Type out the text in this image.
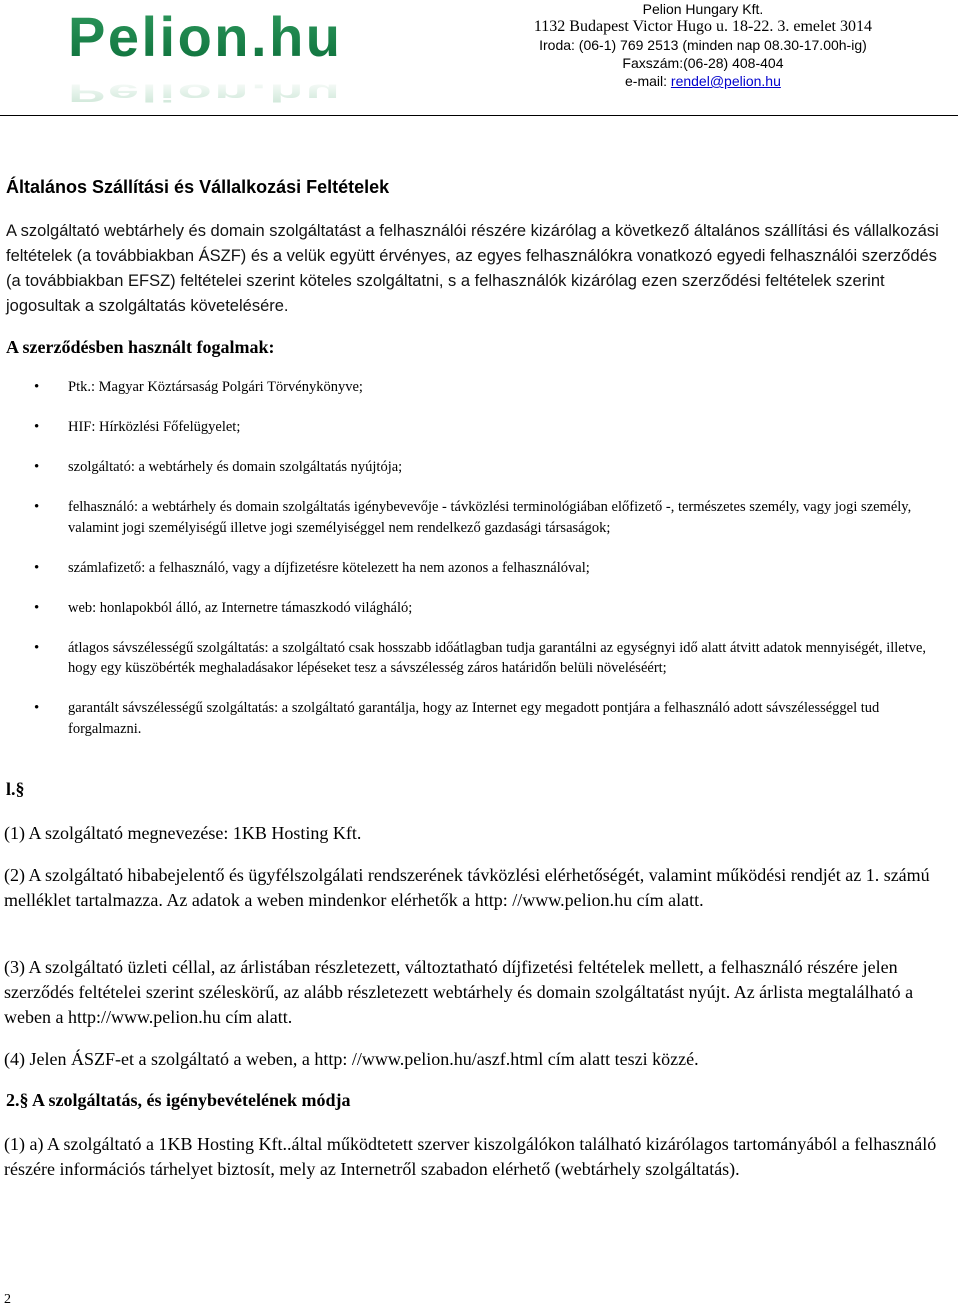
Pelion.hu
Pelion.hu
Pelion Hungary Kft.
1132 Budapest Victor Hugo u. 18-22. 3. emelet 3014
Iroda: (06-1) 769 2513 (minden nap 08.30-17.00h-ig)
Faxszám:(06-28) 408-404
e-mail: rendel@pelion.hu
Általános Szállítási és Vállalkozási Feltételek

A szolgáltató webtárhely és domain szolgáltatást a felhasználói részére kizárólag a következő általános szállítási és vállalkozási feltételek (a továbbiakban ÁSZF) és a velük együtt érvényes, az egyes felhasználókra vonatkozó egyedi felhasználói szerződés (a továbbiakban EFSZ) feltételei szerint köteles szolgáltatni, s a felhasználók kizárólag ezen szerződési feltételek szerint jogosultak a szolgáltatás követelésére.

A szerződésben használt fogalmak:
• Ptk.: Magyar Köztársaság Polgári Törvénykönyve;
• HIF: Hírközlési Főfelügyelet;
• szolgáltató: a webtárhely és domain szolgáltatás nyújtója;
• felhasználó: a webtárhely és domain szolgáltatás igénybevevője - távközlési terminológiában előfizető -, természetes személy, vagy jogi személy, valamint jogi személyiségű illetve jogi személyiséggel nem rendelkező gazdasági társaságok;
• számlafizető: a felhasználó, vagy a díjfizetésre kötelezett ha nem azonos a felhasználóval;
• web: honlapokból álló, az Internetre támaszkodó világháló;
• átlagos sávszélességű szolgáltatás: a szolgáltató csak hosszabb időátlagban tudja garantálni az egységnyi idő alatt átvitt adatok mennyiségét, illetve, hogy egy küszöbérték meghaladásakor lépéseket tesz a sávszélesség záros határidőn belüli növeléséért;
• garantált sávszélességű szolgáltatás: a szolgáltató garantálja, hogy az Internet egy megadott pontjára a felhasználó adott sávszélességgel tud forgalmazni.
l.§

(1) A szolgáltató megnevezése: 1KB Hosting Kft.

(2) A szolgáltató hibabejelentő és ügyfélszolgálati rendszerének távközlési elérhetőségét, valamint működési rendjét az 1. számú melléklet tartalmazza. Az adatok a weben mindenkor elérhetők a http: //www.pelion.hu cím alatt.

(3) A szolgáltató üzleti céllal, az árlistában részletezett, változtatható díjfizetési feltételek mellett, a felhasználó részére jelen szerződés feltételei szerint széleskörű, az alább részletezett webtárhely és domain szolgáltatást nyújt. Az árlista megtalálható a weben a http://www.pelion.hu cím alatt.

(4) Jelen ÁSZF-et a szolgáltató a weben, a http: //www.pelion.hu/aszf.html cím alatt teszi közzé.

2.§ A szolgáltatás, és igénybevételének módja

(1) a) A szolgáltató a 1KB Hosting Kft..által működtetett szerver kiszolgálókon található kizárólagos tartományából a felhasználó részére információs tárhelyet biztosít, mely az Internetről szabadon elérhető (webtárhely szolgáltatás).

2
